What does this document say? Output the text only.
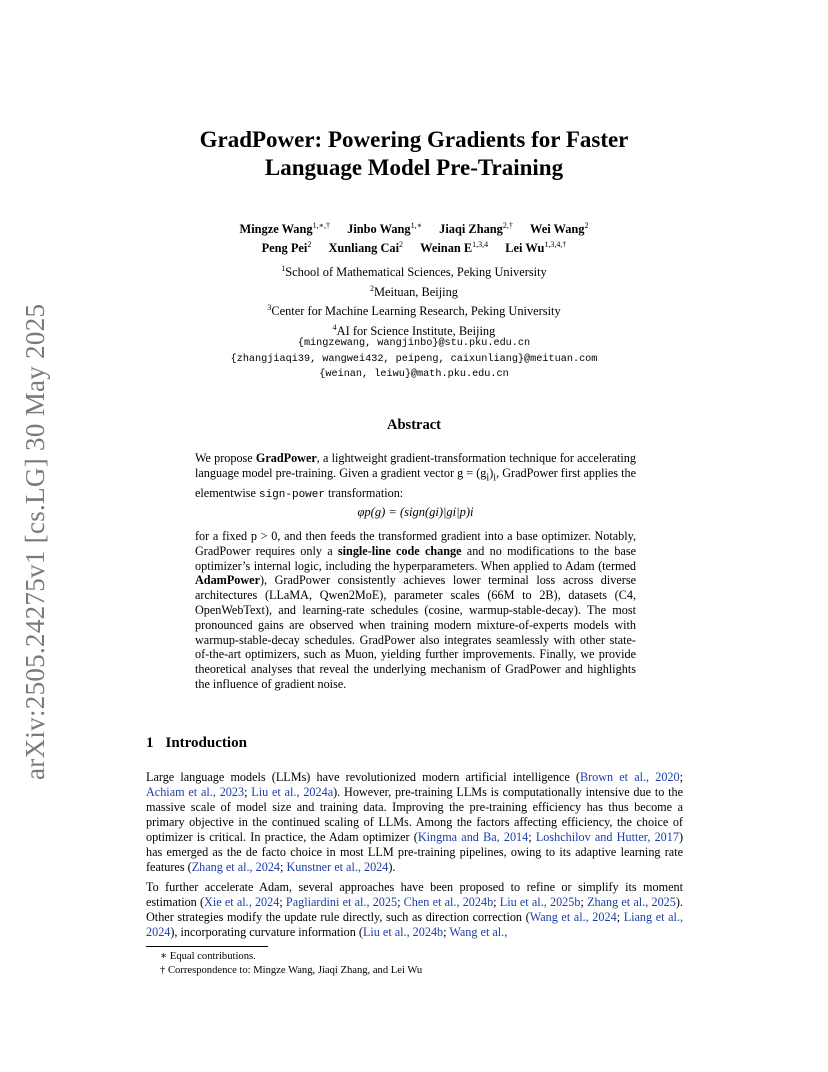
arXiv:2505.24275v1 [cs.LG] 30 May 2025
GradPower: Powering Gradients for Faster
Language Model Pre-Training
Mingze Wang$^{1,∗,\dagger}$ Jinbo Wang$^{1,∗}$ Jiaqi Zhang$^{2,\dagger}$ Wei Wang$^2$
Peng Pei$^2$ Xunliang Cai$^2$ Weinan E$^{1,3,4}$ Lei $Wu^{1,3,4,\dagger}$
$^1$School of Mathematical Sciences, Peking University
$^2$Meituan, Beijing
$^3$Center for Machine Learning Research, Peking University
$^4$AI for Science Institute, Beijing
{mingzewang, wangjinbo}@stu.pku.edu.cn
{zhangjiaqi39, wangwei432, peipeng, caixunliang}@meituan.com
{weinan, leiwu}@math.pku.edu.cn
Abstract
We propose GradPower, a lightweight gradient-transformation technique for accelerating language model pre-training. Given a gradient vector $g = (g_i)_i$, GradPower first applies the elementwise sign-power transformation:
φp(g) = (sign(gi)|gi|p)i
for a fixed p > 0, and then feeds the transformed gradient into a base optimizer. Notably, GradPower requires only a single-line code change and no modifications to the base optimizer’s internal logic, including the hyperparameters. When applied to Adam (termed AdamPower), GradPower consistently achieves lower terminal loss across diverse architectures (LLaMA, Qwen2MoE), parameter scales (66M to 2B), datasets (C4, OpenWebText), and learning-rate schedules (cosine, warmup-stable-decay). The most pronounced gains are observed when training modern mixture-of-experts models with warmup-stable-decay schedules. GradPower also integrates seamlessly with other state-of-the-art optimizers, such as Muon, yielding further improvements. Finally, we provide theoretical analyses that reveal the underlying mechanism of GradPower and highlights the influence of gradient noise.
1 Introduction
Large language models (LLMs) have revolutionized modern artificial intelligence (Brown et al., 2020; Achiam et al., 2023; Liu et al., 2024a). However, pre-training LLMs is computationally intensive due to the massive scale of model size and training data. Improving the pre-training efficiency has thus become a primary objective in the continued scaling of LLMs. Among the factors affecting efficiency, the choice of optimizer is critical. In practice, the Adam optimizer (Kingma and Ba, 2014; Loshchilov and Hutter, 2017) has emerged as the de facto choice in most LLM pre-training pipelines, owing to its adaptive learning rate features (Zhang et al., 2024; Kunstner et al., 2024).
To further accelerate Adam, several approaches have been proposed to refine or simplify its moment estimation (Xie et al., 2024; Pagliardini et al., 2025; Chen et al., 2024b; Liu et al., 2025b; Zhang et al., 2025). Other strategies modify the update rule directly, such as direction correction (Wang et al., 2024; Liang et al., 2024), incorporating curvature information (Liu et al., 2024b; Wang et al.,
∗ Equal contributions.
† Correspondence to: Mingze Wang, Jiaqi Zhang, and Lei Wu
